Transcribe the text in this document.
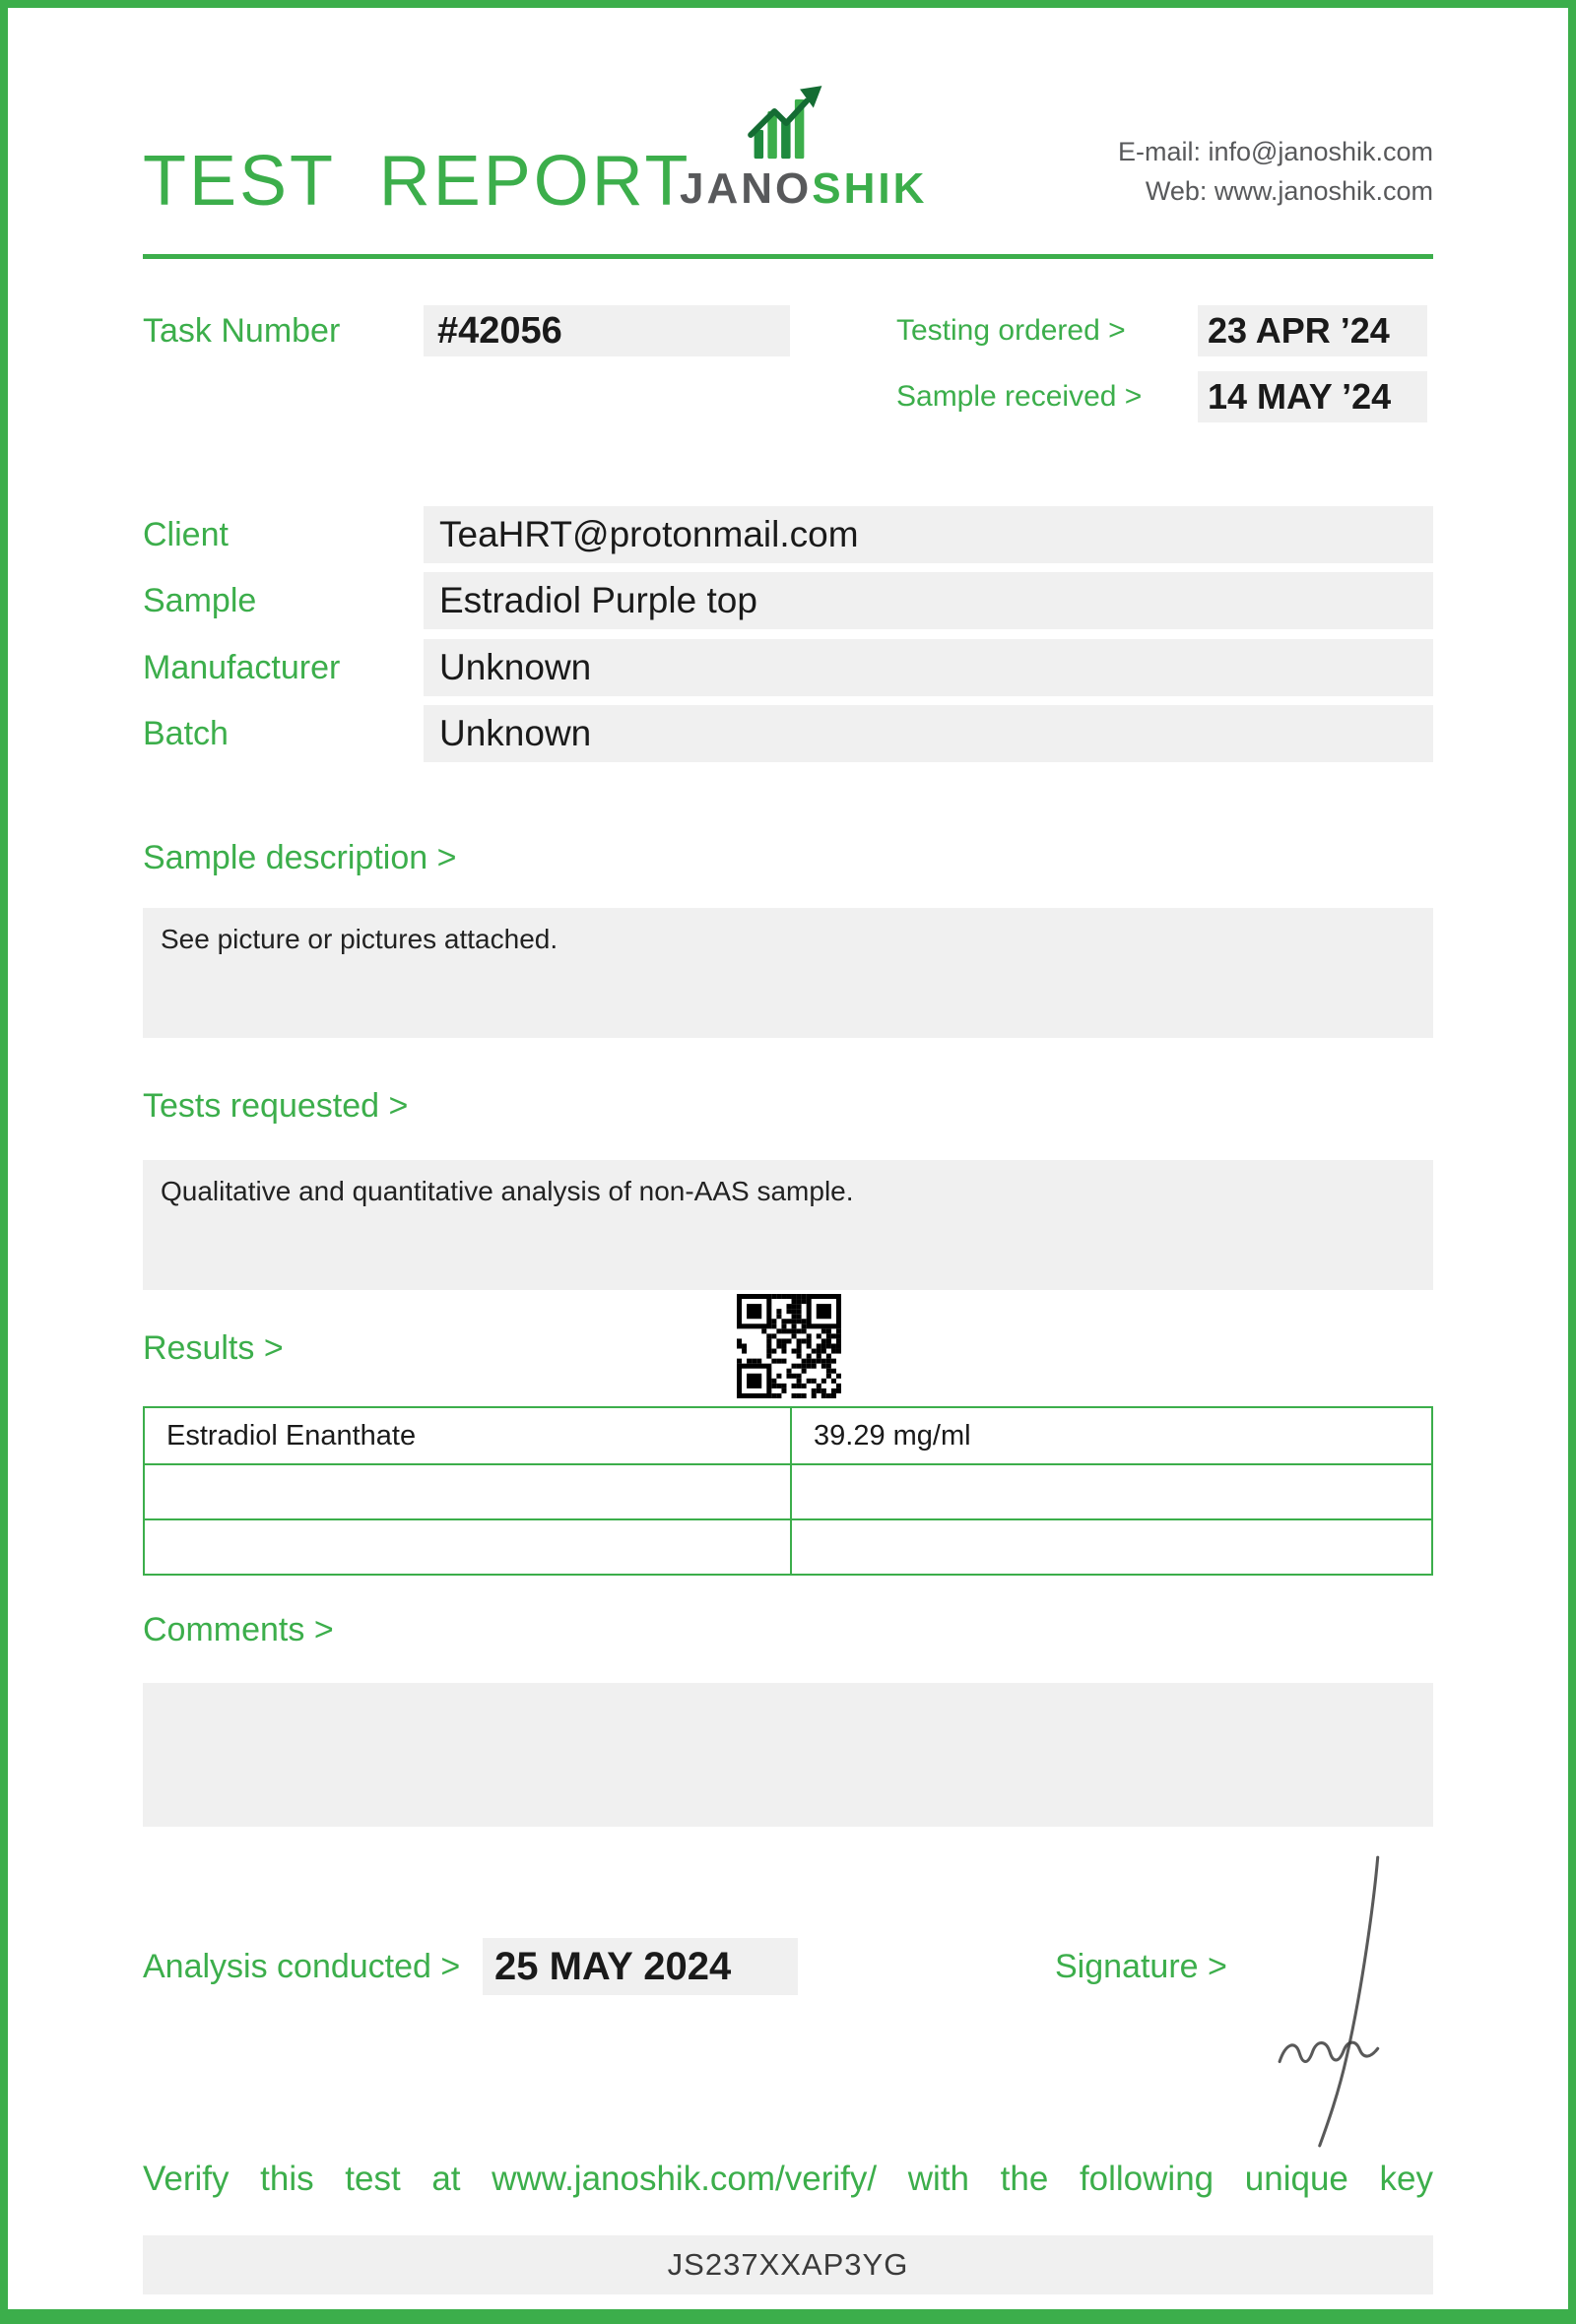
TEST REPORT
JANOSHIK
E-mail: info@janoshik.com
Web: www.janoshik.com
Task Number	#42056	Testing ordered > 23 APR ’24
Sample received > 14 MAY ’24
Client	TeaHRT@protonmail.com
Sample	Estradiol Purple top
Manufacturer	Unknown
Batch	Unknown
Sample description >
See picture or pictures attached.
Tests requested >
Qualitative and quantitative analysis of non-AAS sample.
Results >
Estradiol Enanthate	39.29 mg/ml
Comments >
Analysis conducted > 25 MAY 2024	Signature >
Verify this test at www.janoshik.com/verify/ with the following unique key
JS237XXAP3YG
